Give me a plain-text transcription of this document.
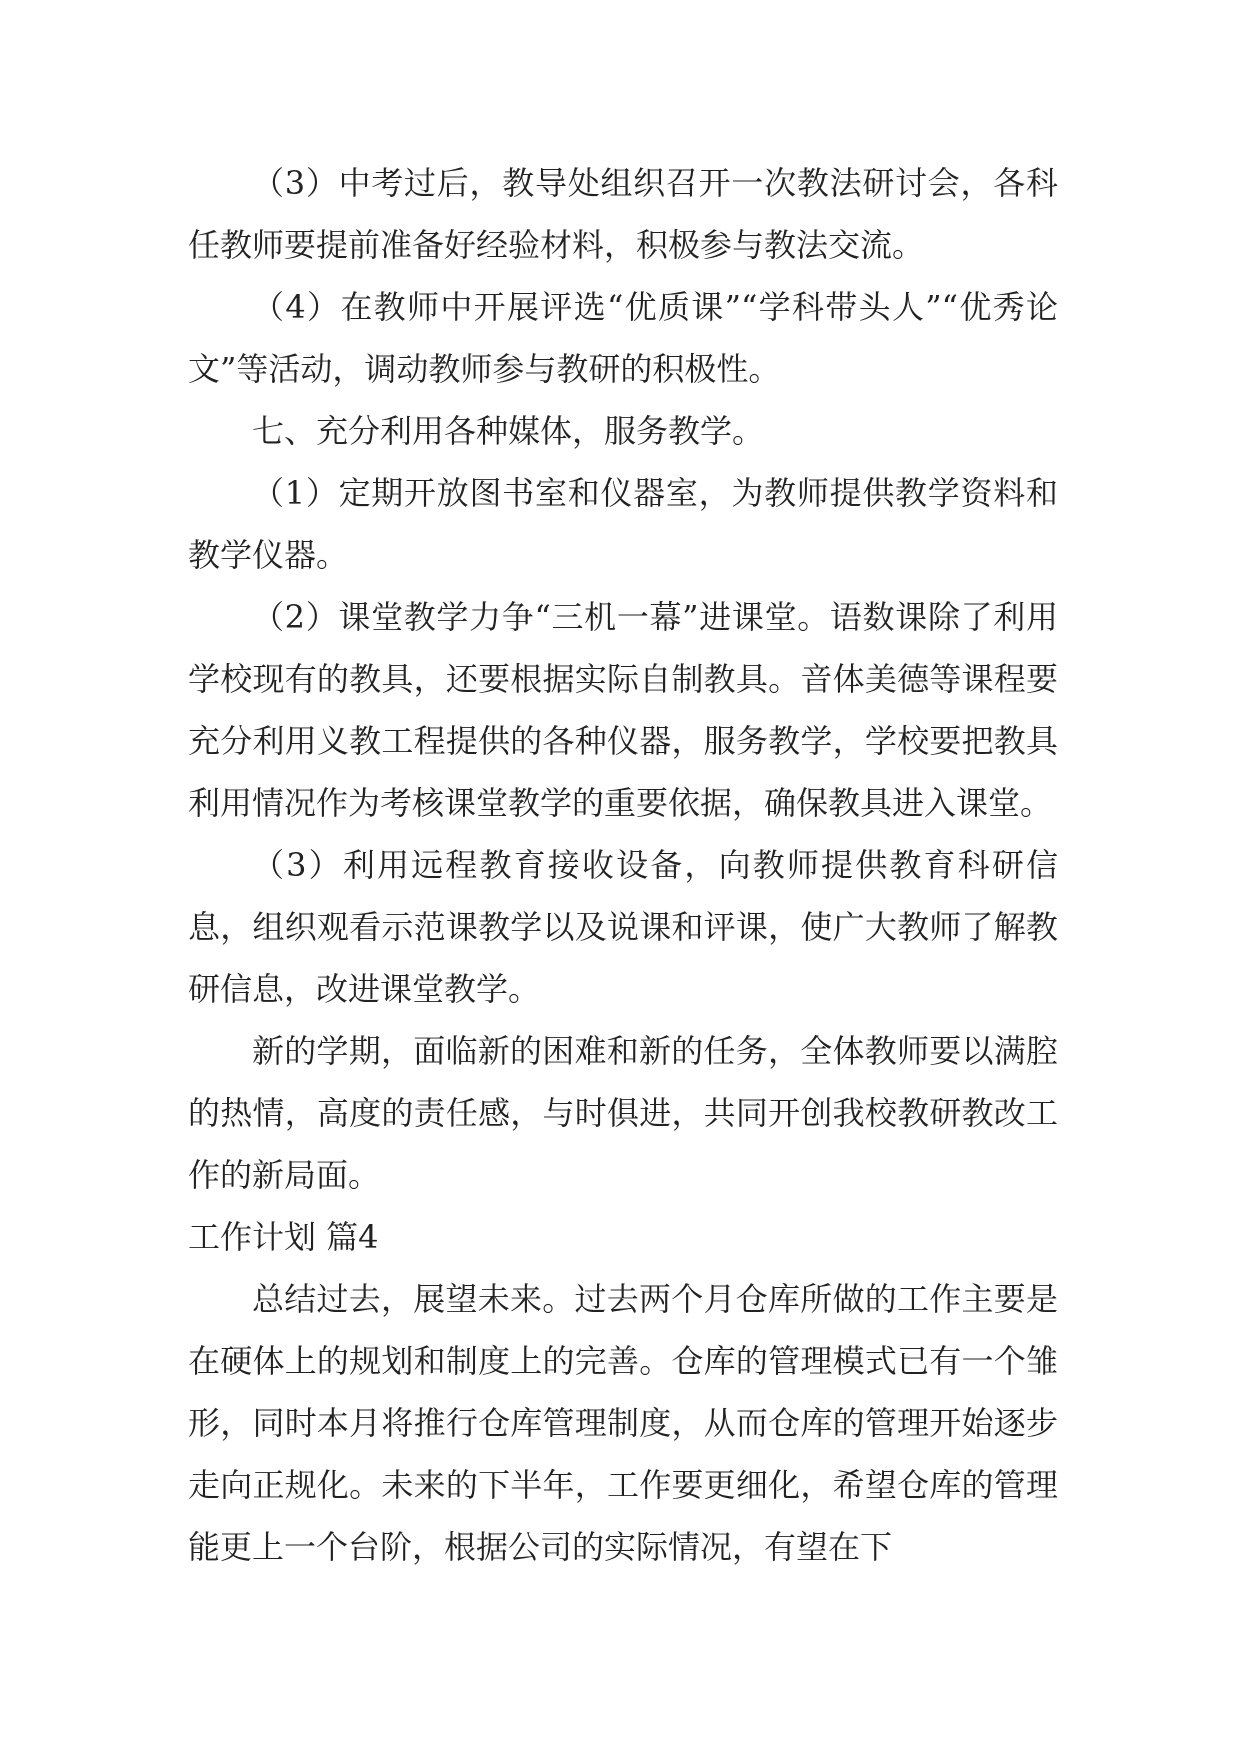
（3）中考过后，教导处组织召开一次教法研讨会，各科任教师要提前准备好经验材料，积极参与教法交流。

（4）在教师中开展评选“优质课”“学科带头人”“优秀论文”等活动，调动教师参与教研的积极性。

七、充分利用各种媒体，服务教学。

（1）定期开放图书室和仪器室，为教师提供教学资料和教学仪器。

（2）课堂教学力争“三机一幕”进课堂。语数课除了利用学校现有的教具，还要根据实际自制教具。音体美德等课程要充分利用义教工程提供的各种仪器，服务教学，学校要把教具利用情况作为考核课堂教学的重要依据，确保教具进入课堂。

（3）利用远程教育接收设备，向教师提供教育科研信息，组织观看示范课教学以及说课和评课，使广大教师了解教研信息，改进课堂教学。

新的学期，面临新的困难和新的任务，全体教师要以满腔的热情，高度的责任感，与时俱进，共同开创我校教研教改工作的新局面。

工作计划 篇4

总结过去，展望未来。过去两个月仓库所做的工作主要是在硬体上的规划和制度上的完善。仓库的管理模式已有一个雏形，同时本月将推行仓库管理制度，从而仓库的管理开始逐步走向正规化。未来的下半年，工作要更细化，希望仓库的管理能更上一个台阶，根据公司的实际情况，有望在下
